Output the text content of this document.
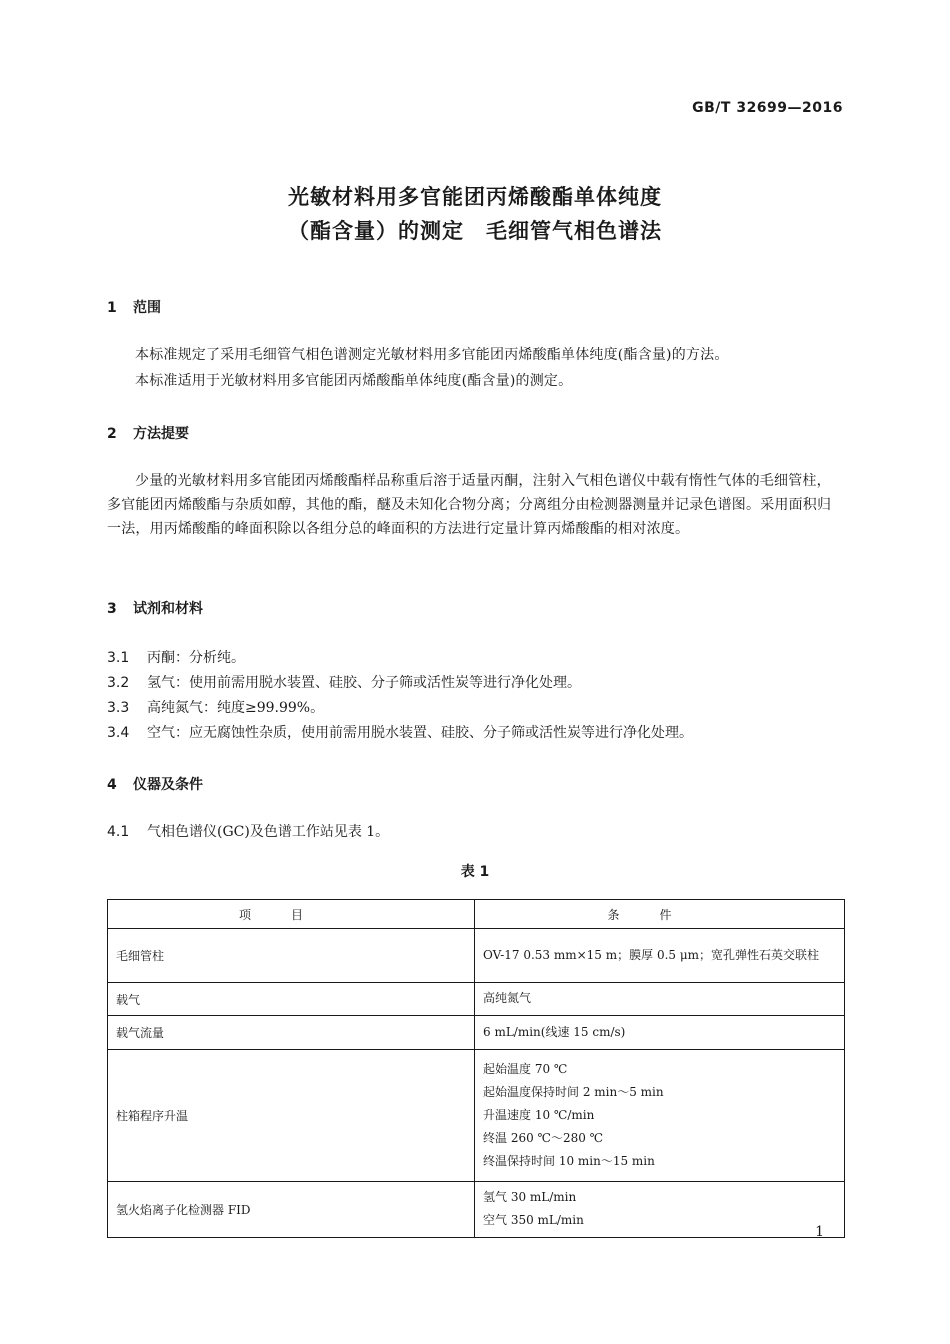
GB/T 32699—2016
光敏材料用多官能团丙烯酸酯单体纯度
（酯含量）的测定　毛细管气相色谱法
1 范围
本标准规定了采用毛细管气相色谱测定光敏材料用多官能团丙烯酸酯单体纯度(酯含量)的方法。
本标准适用于光敏材料用多官能团丙烯酸酯单体纯度(酯含量)的测定。
2 方法提要
少量的光敏材料用多官能团丙烯酸酯样品称重后溶于适量丙酮，注射入气相色谱仪中载有惰性气体的毛细管柱，多官能团丙烯酸酯与杂质如醇，其他的酯，醚及未知化合物分离；分离组分由检测器测量并记录色谱图。采用面积归一法，用丙烯酸酯的峰面积除以各组分总的峰面积的方法进行定量计算丙烯酸酯的相对浓度。
3 试剂和材料
3.1 丙酮：分析纯。
3.2 氢气：使用前需用脱水装置、硅胶、分子筛或活性炭等进行净化处理。
3.3 高纯氮气：纯度≥99.99%。
3.4 空气：应无腐蚀性杂质，使用前需用脱水装置、硅胶、分子筛或活性炭等进行净化处理。
4 仪器及条件
4.1 气相色谱仪(GC)及色谱工作站见表 1。
表 1
项目	条件
毛细管柱	OV-17 0.53 mm×15 m；膜厚 0.5 μm；宽孔弹性石英交联柱

载气	高纯氮气

载气流量	6 mL/min(线速 15 cm/s)

柱箱程序升温	起始温度 70 ℃
起始温度保持时间 2 min～5 min
升温速度 10 ℃/min
终温 260 ℃～280 ℃
终温保持时间 10 min～15 min

氢火焰离子化检测器 FID	氢气 30 mL/min
空气 350 mL/min
1
